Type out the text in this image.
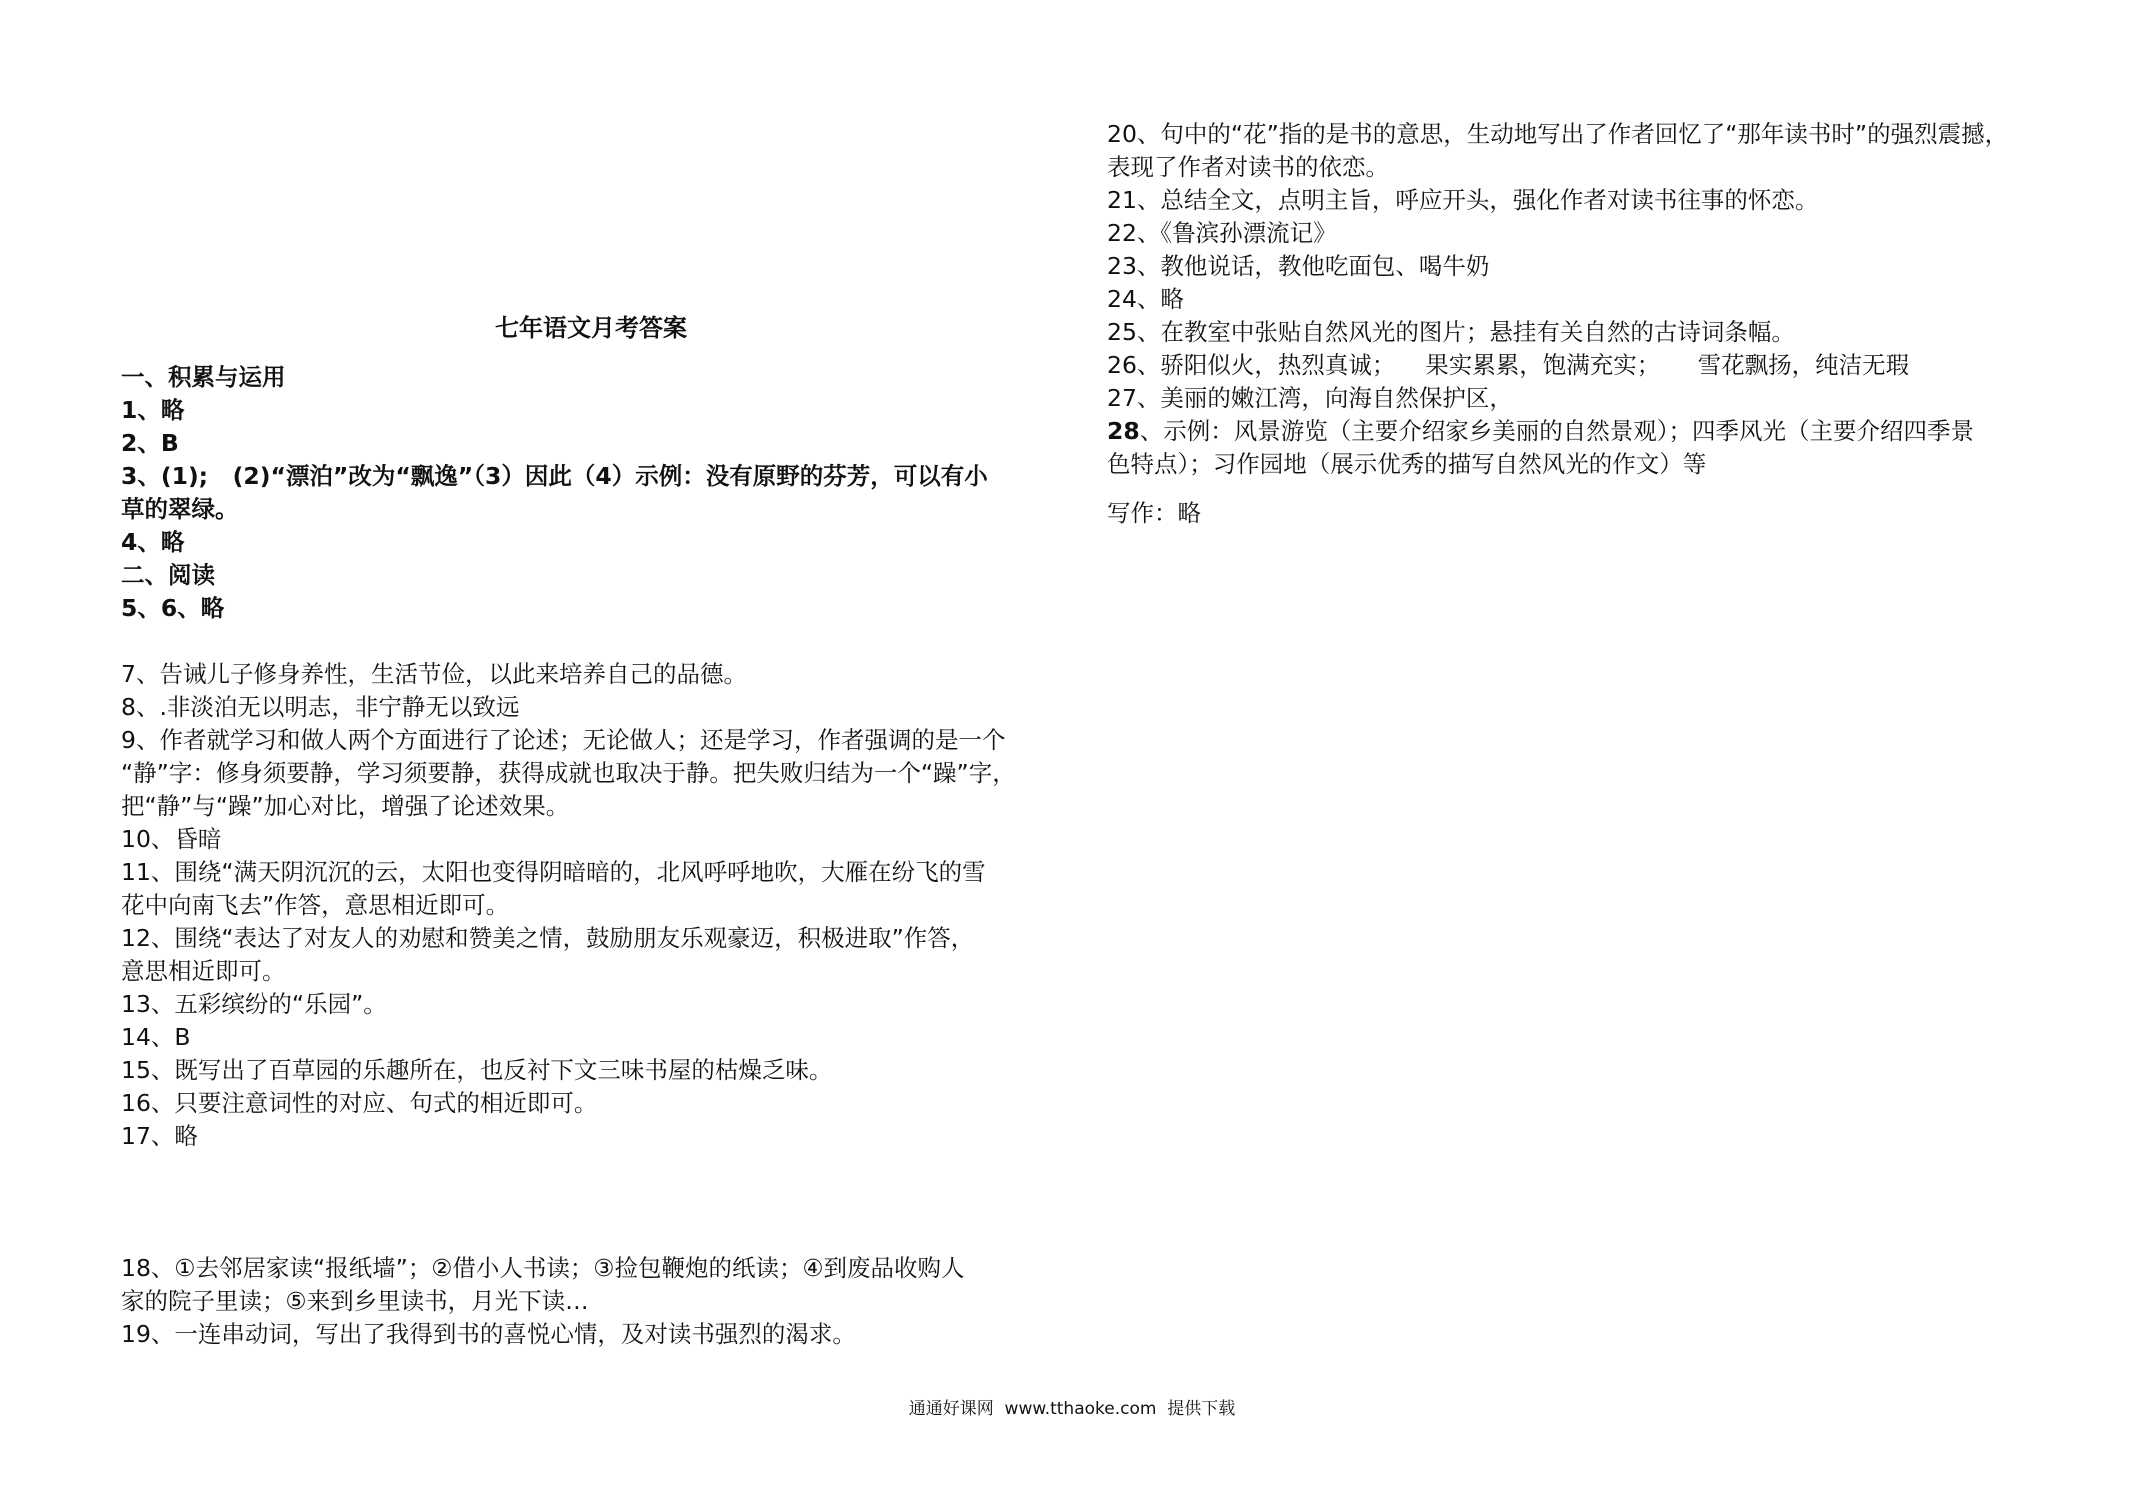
七年语文月考答案
一、积累与运用
1、略
2、B
3、(1);   (2)“漂泊”改为“飘逸”（3）因此（4）示例：没有原野的芬芳，可以有小
草的翠绿。
4、略
二、阅读
5、6、略
7、告诫儿子修身养性，生活节俭，以此来培养自己的品德。
8、.非淡泊无以明志，非宁静无以致远
9、作者就学习和做人两个方面进行了论述；无论做人；还是学习，作者强调的是一个
“静”字：修身须要静，学习须要静，获得成就也取决于静。把失败归结为一个“躁”字，
把“静”与“躁”加心对比，增强了论述效果。
10、昏暗
11、围绕“满天阴沉沉的云，太阳也变得阴暗暗的，北风呼呼地吹，大雁在纷飞的雪
花中向南飞去”作答，意思相近即可。
12、围绕“表达了对友人的劝慰和赞美之情，鼓励朋友乐观豪迈，积极进取”作答，
意思相近即可。
13、五彩缤纷的“乐园”。
14、B
15、既写出了百草园的乐趣所在，也反衬下文三味书屋的枯燥乏味。
16、只要注意词性的对应、句式的相近即可。
17、略
18、①去邻居家读“报纸墙”；②借小人书读；③捡包鞭炮的纸读；④到废品收购人
家的院子里读；⑤来到乡里读书，月光下读…
19、一连串动词，写出了我得到书的喜悦心情，及对读书强烈的渴求。
20、句中的“花”指的是书的意思，生动地写出了作者回忆了“那年读书时”的强烈震撼，
表现了作者对读书的依恋。
21、总结全文，点明主旨，呼应开头，强化作者对读书往事的怀恋。
22、《鲁滨孙漂流记》
23、教他说话，教他吃面包、喝牛奶
24、略
25、在教室中张贴自然风光的图片；悬挂有关自然的古诗词条幅。
26、骄阳似火，热烈真诚；    果实累累，饱满充实；     雪花飘扬，纯洁无瑕
27、美丽的嫩江湾，向海自然保护区，
28、示例：风景游览（主要介绍家乡美丽的自然景观）；四季风光（主要介绍四季景
色特点）；习作园地（展示优秀的描写自然风光的作文）等
写作：略
通通好课网  www.tthaoke.com  提供下载
